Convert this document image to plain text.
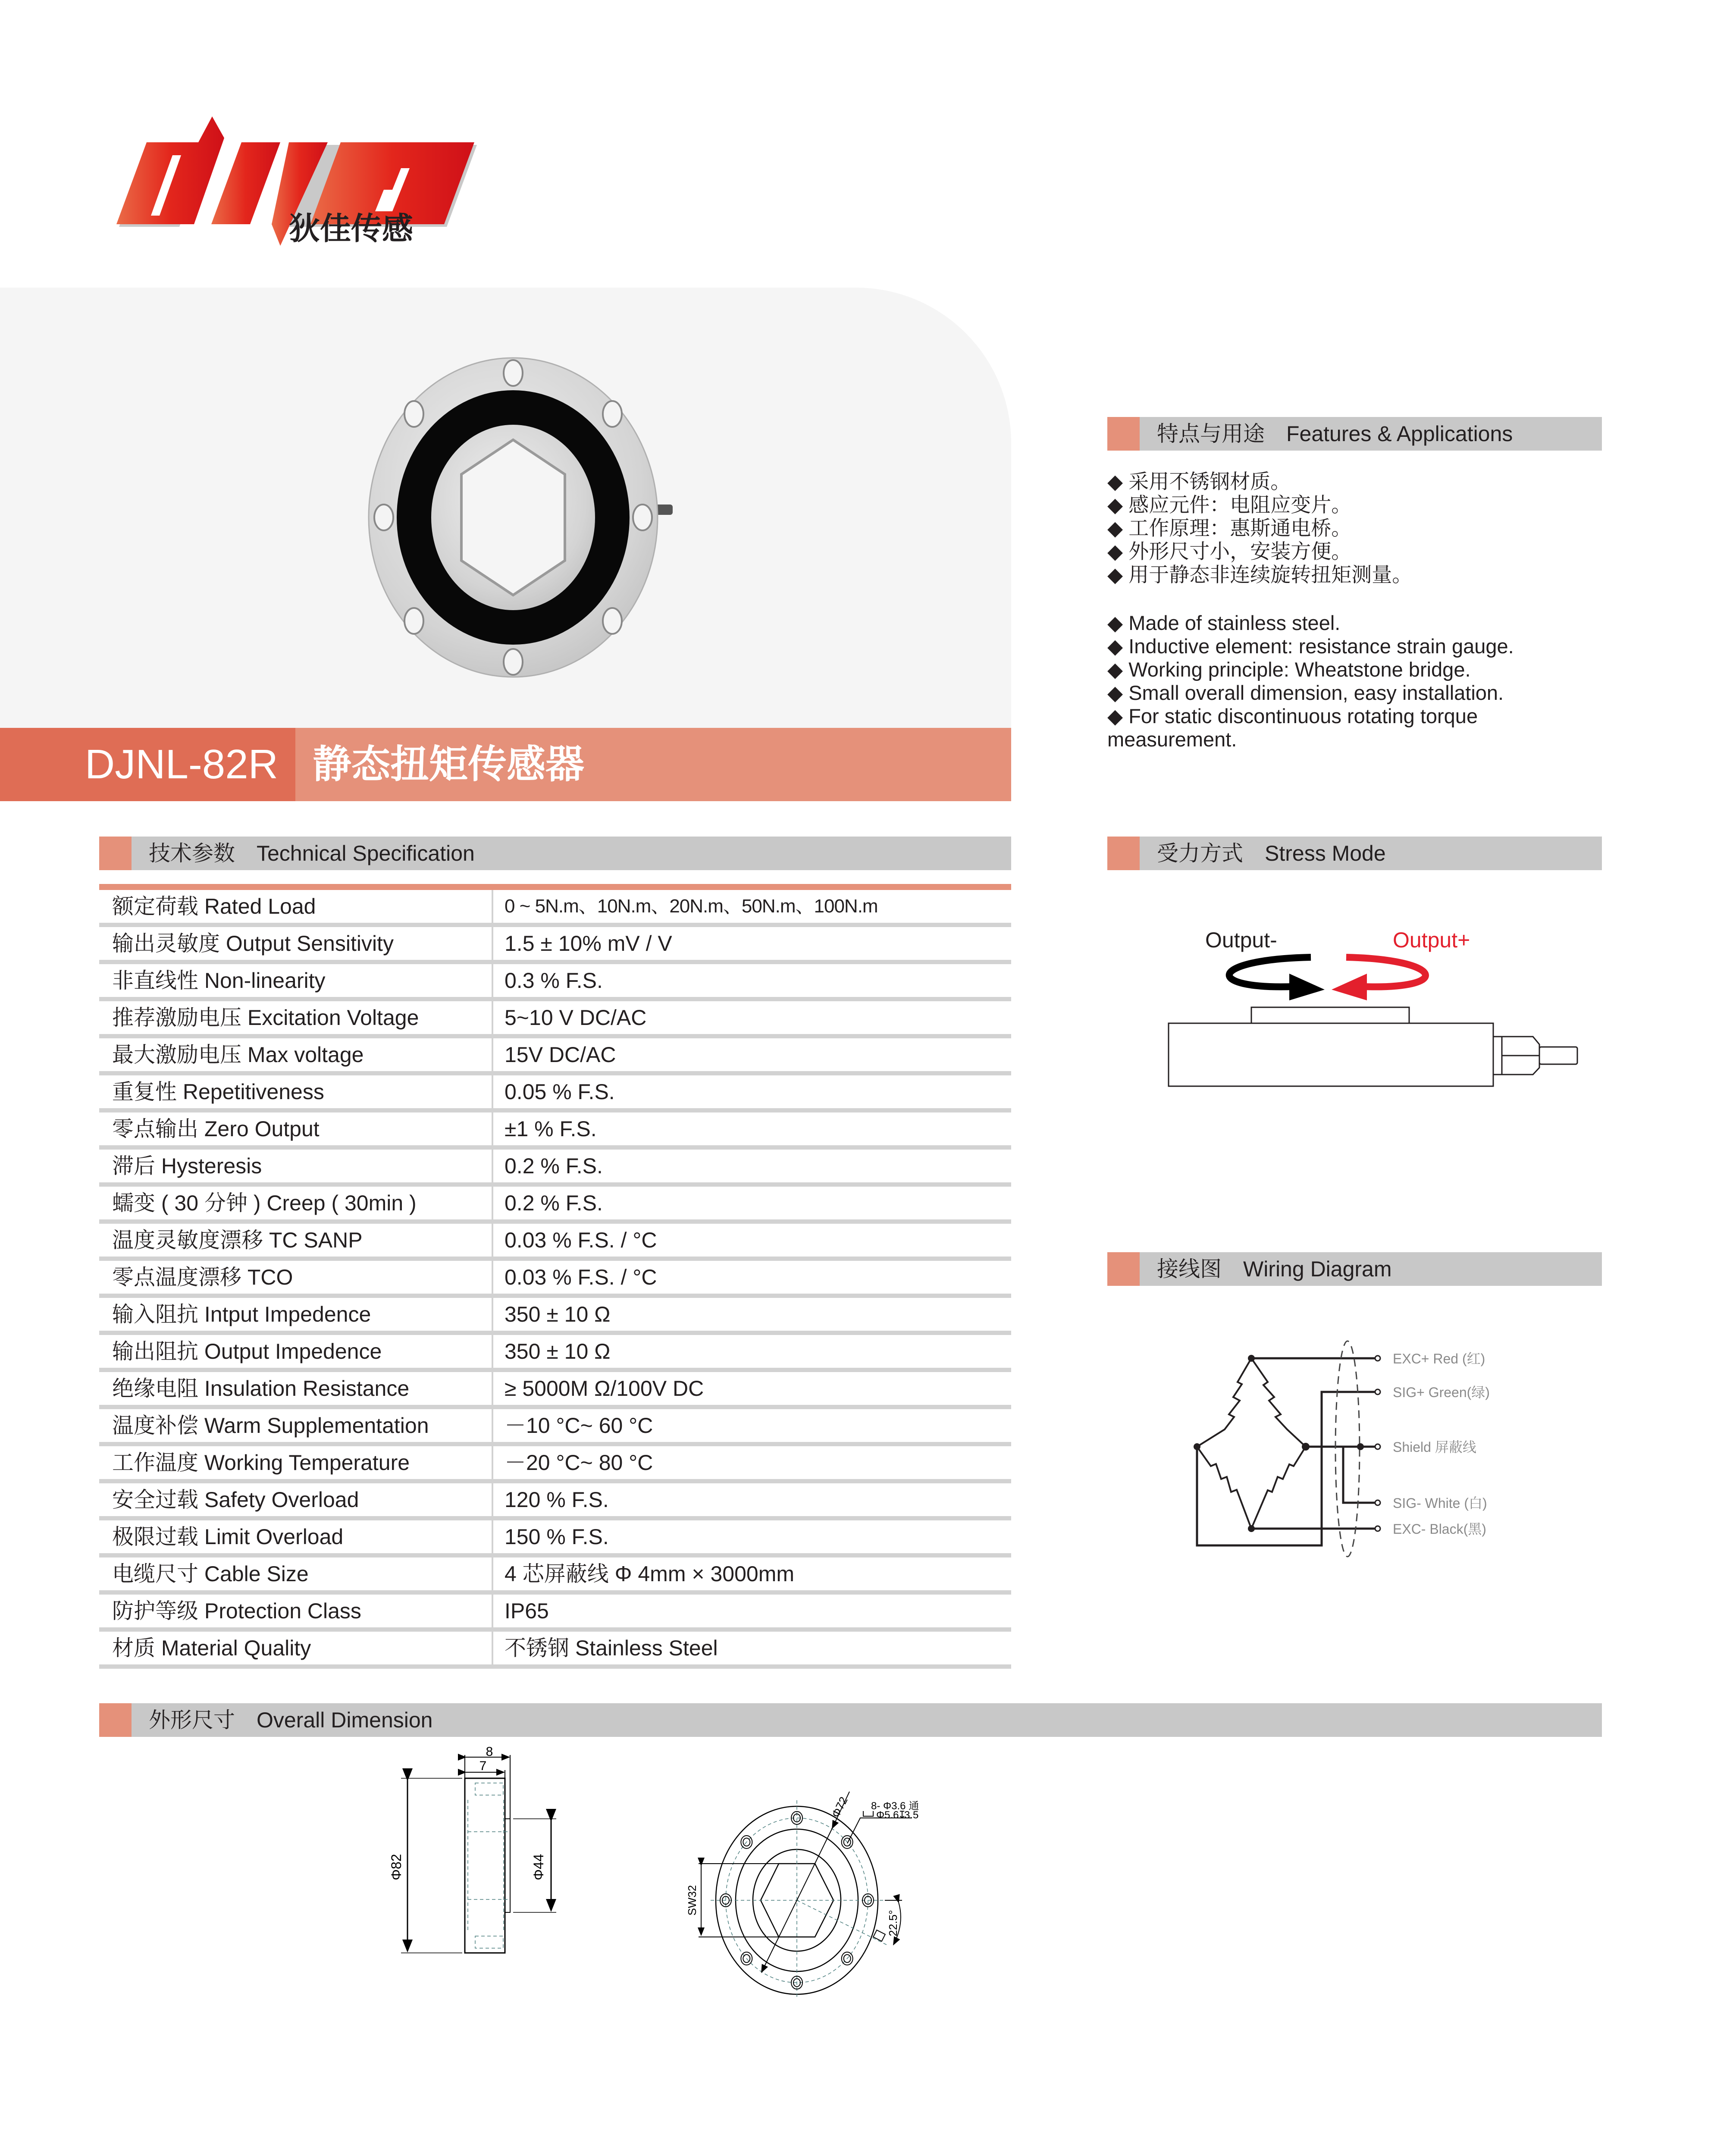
狄佳传感
DJNL-82R 静态扭矩传感器
特点与用途 Features & Applications
◆ 采用不锈钢材质。
◆ 感应元件：电阻应变片。
◆ 工作原理：惠斯通电桥。
◆ 外形尺寸小，安装方便。
◆ 用于静态非连续旋转扭矩测量。
◆ Made of stainless steel.
◆ Inductive element: resistance strain gauge.
◆ Working principle: Wheatstone bridge.
◆ Small overall dimension, easy installation.
◆ For static discontinuous rotating torque measurement.
技术参数 Technical Specification
额定荷载 Rated Load	0 ~ 5N.m、10N.m、20N.m、50N.m、100N.m
输出灵敏度 Output Sensitivity	1.5 ± 10% mV / V
非直线性 Non-linearity	0.3 % F.S.
推荐激励电压 Excitation Voltage	5~10 V DC/AC
最大激励电压 Max voltage	15V DC/AC
重复性 Repetitiveness	0.05 % F.S.
零点输出 Zero Output	±1 % F.S.
滞后 Hysteresis	0.2 % F.S.
蠕变 ( 30 分钟 ) Creep ( 30min )	0.2 % F.S.
温度灵敏度漂移 TC SANP	0.03 % F.S. / °C
零点温度漂移 TCO	0.03 % F.S. / °C
输入阻抗 Intput Impedence	350 ± 10 Ω
输出阻抗 Output Impedence	350 ± 10 Ω
绝缘电阻 Insulation Resistance	≥ 5000M Ω/100V DC
温度补偿 Warm Supplementation	－10 °C~ 60 °C
工作温度 Working Temperature	－20 °C~ 80 °C
安全过载 Safety Overload	120 % F.S.
极限过载 Limit Overload	150 % F.S.
电缆尺寸 Cable Size	4 芯屏蔽线 Φ 4mm × 3000mm
防护等级 Protection Class	IP65
材质 Material Quality	不锈钢 Stainless Steel
受力方式 Stress Mode
Output-	Output+
接线图 Wiring Diagram
EXC+ Red (红)
SIG+ Green(绿)
Shield 屏蔽线
SIG- White (白)
EXC- Black(黑)
外形尺寸 Overall Dimension
8
7
Φ82	Φ44
Φ72 8- Φ3.6 通
Φ5.6
↧
3.5
SW32
22.5°
